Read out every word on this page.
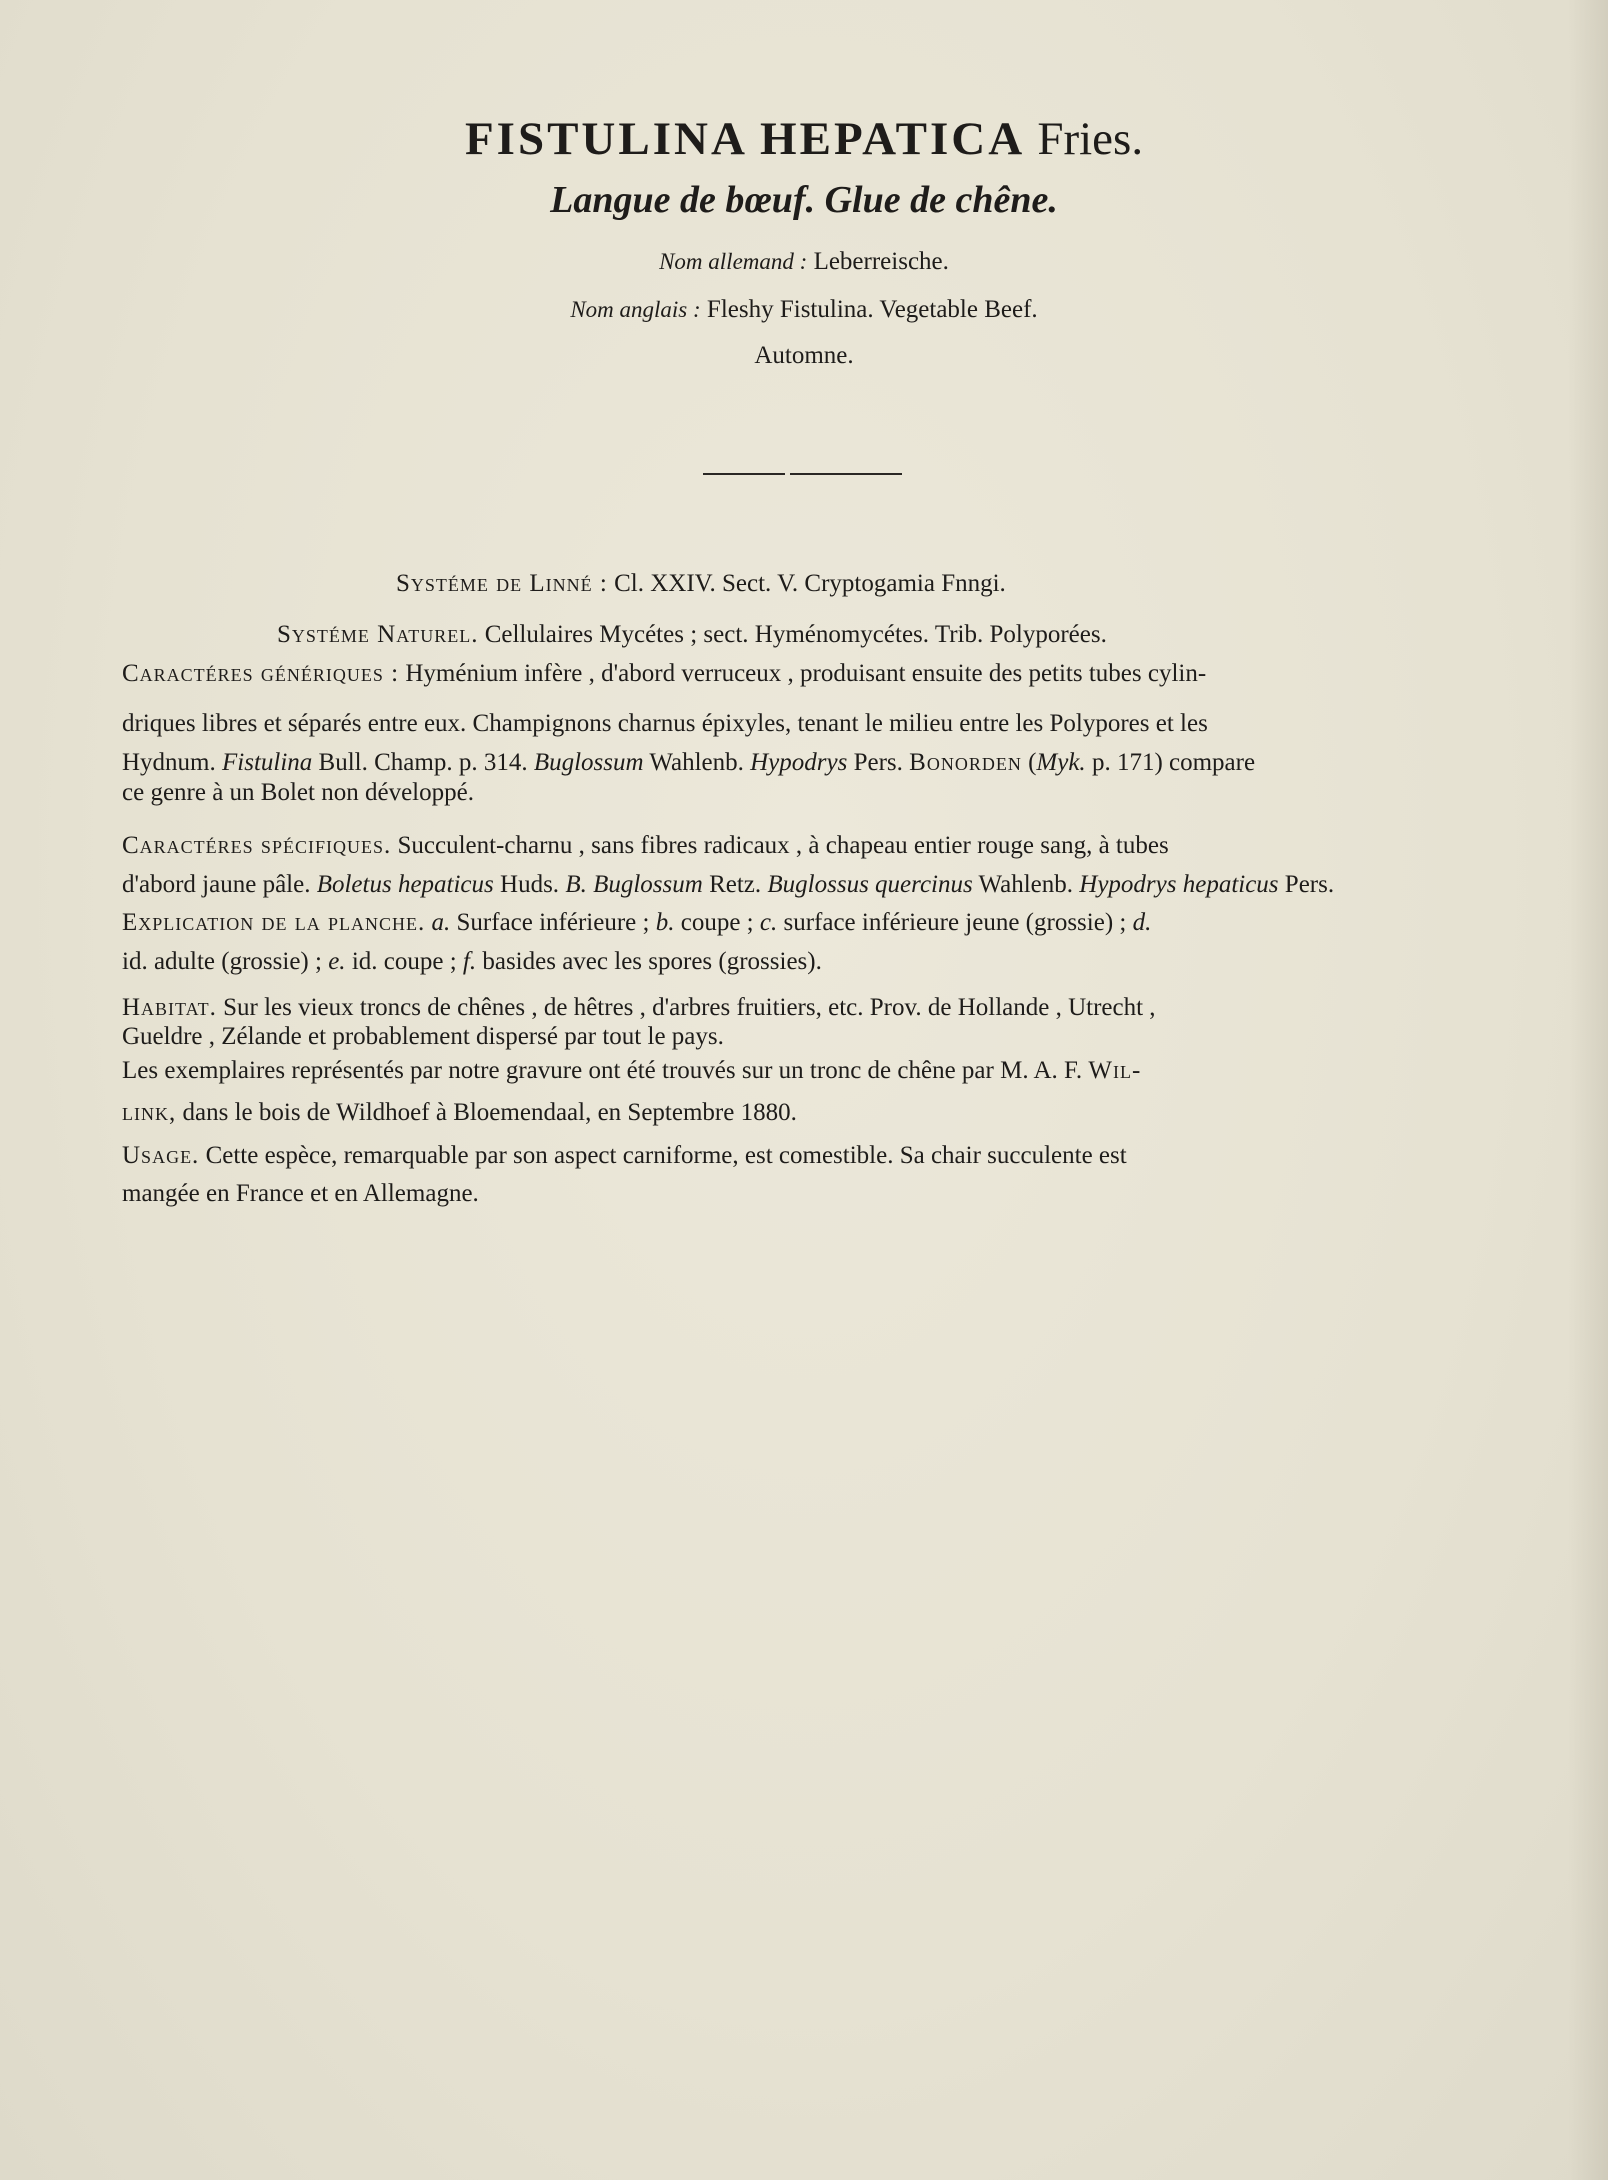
FISTULINA HEPATICA Fries.
Langue de bœuf. Glue de chêne.
Nom allemand : Leberreische.
Nom anglais : Fleshy Fistulina. Vegetable Beef.
Automne.
Systéme de Linné : Cl. XXIV. Sect. V. Cryptogamia Fnngi.
Systéme Naturel. Cellulaires Mycétes ; sect. Hyménomycétes. Trib. Polyporées.
Caractéres génériques : Hyménium infère , d'abord verruceux , produisant ensuite des petits tubes cylin-
driques libres et séparés entre eux. Champignons charnus épixyles, tenant le milieu entre les Polypores et les
Hydnum. Fistulina Bull. Champ. p. 314. Buglossum Wahlenb. Hypodrys Pers. Bonorden (Myk. p. 171) compare
ce genre à un Bolet non développé.
Caractéres spécifiques. Succulent-charnu , sans fibres radicaux , à chapeau entier rouge sang, à tubes
d'abord jaune pâle. Boletus hepaticus Huds. B. Buglossum Retz. Buglossus quercinus Wahlenb. Hypodrys hepaticus Pers.
Explication de la planche. a. Surface inférieure ; b. coupe ; c. surface inférieure jeune (grossie) ; d.
id. adulte (grossie) ; e. id. coupe ; f. basides avec les spores (grossies).
Habitat. Sur les vieux troncs de chênes , de hêtres , d'arbres fruitiers, etc. Prov. de Hollande , Utrecht ,
Gueldre , Zélande et probablement dispersé par tout le pays.
Les exemplaires représentés par notre gravure ont été trouvés sur un tronc de chêne par M. A. F. Wil-
link, dans le bois de Wildhoef à Bloemendaal, en Septembre 1880.
Usage. Cette espèce, remarquable par son aspect carniforme, est comestible. Sa chair succulente est
mangée en France et en Allemagne.
